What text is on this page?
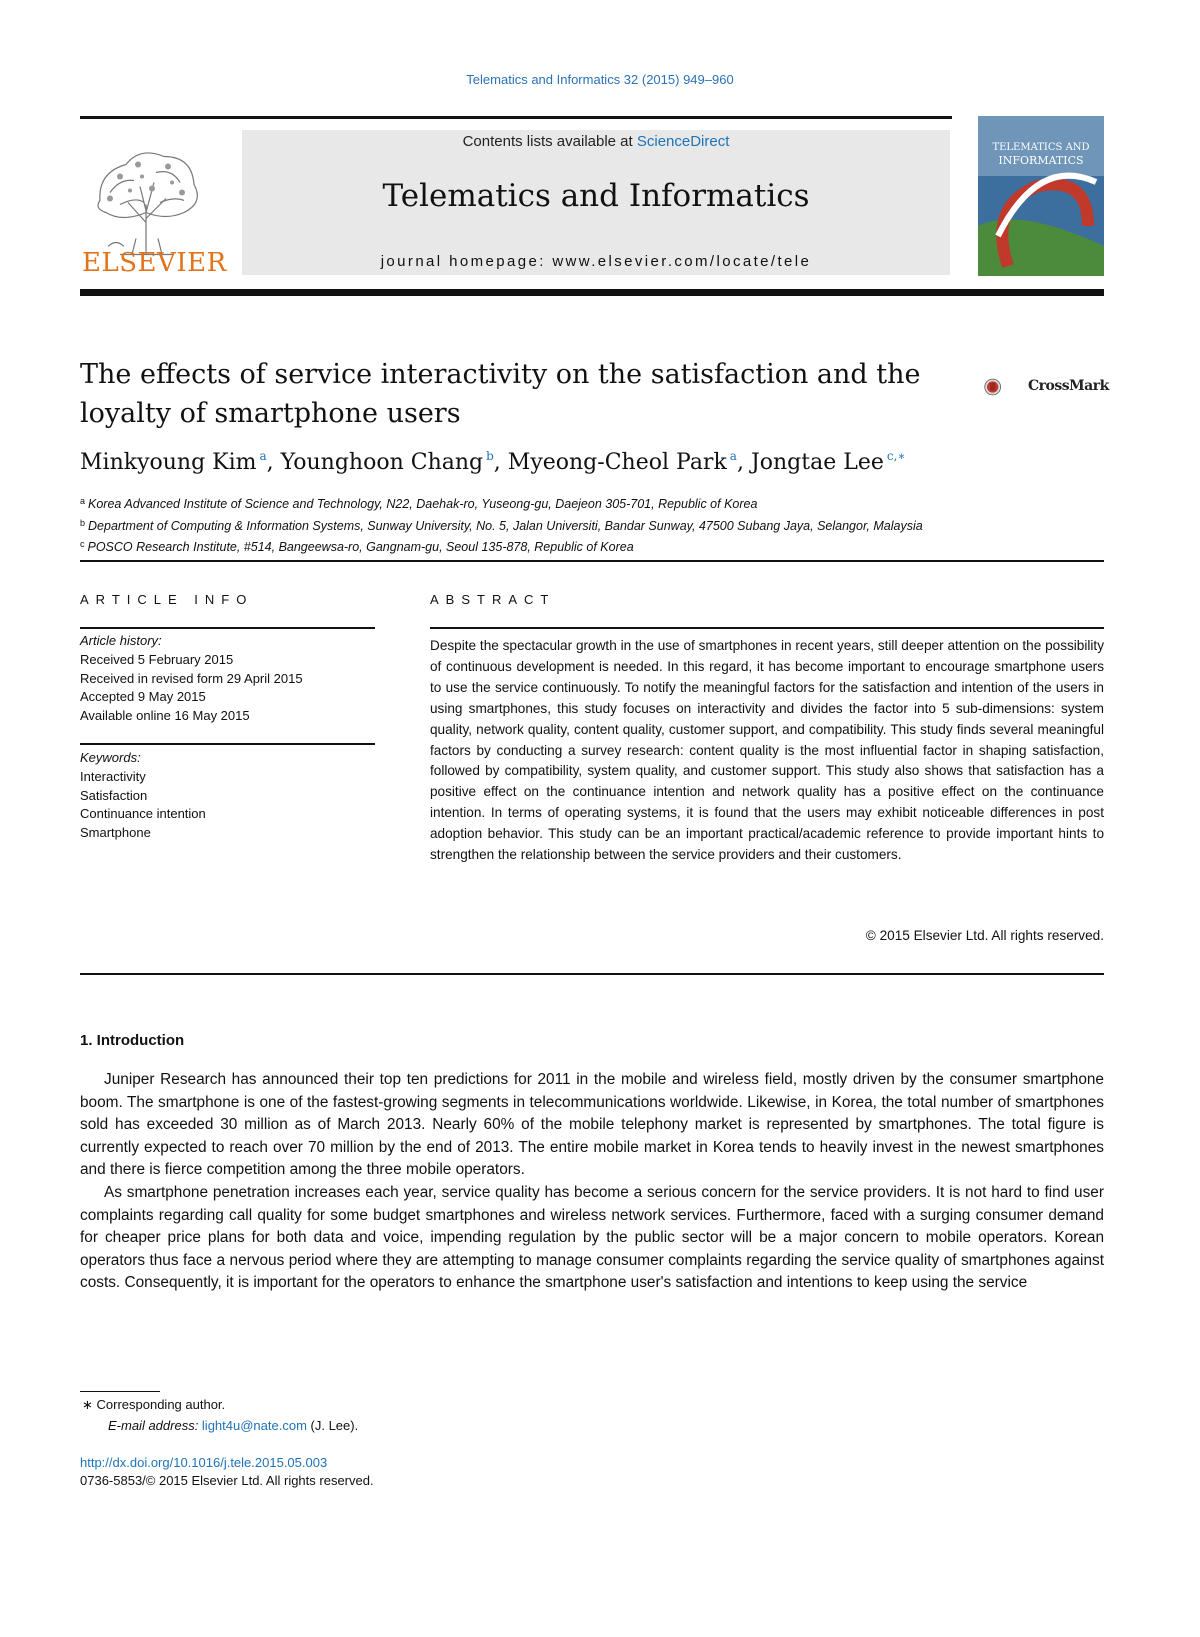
Telematics and Informatics 32 (2015) 949–960
ELSEVIER
Contents lists available at ScienceDirect
Telematics and Informatics
journal homepage: www.elsevier.com/locate/tele
TELEMATICS AND
INFORMATICS
The effects of service interactivity on the satisfaction and the
loyalty of smartphone users
CrossMark
Minkyoung Kim $^a$, Younghoon Chang $^b$, Myeong-Cheol Park $^a$, Jongtae Lee $^{c,∗}$
$^a$ Korea Advanced Institute of Science and Technology, N22, Daehak-ro, Yuseong-gu, Daejeon 305-701, Republic of Korea
$^b$ Department of Computing & Information Systems, Sunway University, No. 5, Jalan Universiti, Bandar Sunway, 47500 Subang Jaya, Selangor, Malaysia
$^c$ POSCO Research Institute, #514, Bangeewsa-ro, Gangnam-gu, Seoul 135-878, Republic of Korea
ARTICLE INFO	ABSTRACT
Article history:
Received 5 February 2015
Received in revised form 29 April 2015
Accepted 9 May 2015
Available online 16 May 2015
Keywords:
Interactivity
Satisfaction
Continuance intention
Smartphone
Despite the spectacular growth in the use of smartphones in recent years, still deeper attention on the possibility of continuous development is needed. In this regard, it has become important to encourage smartphone users to use the service continuously. To notify the meaningful factors for the satisfaction and intention of the users in using smartphones, this study focuses on interactivity and divides the factor into 5 sub-dimensions: system quality, network quality, content quality, customer support, and compatibility. This study finds several meaningful factors by conducting a survey research: content quality is the most influential factor in shaping satisfaction, followed by compatibility, system quality, and customer support. This study also shows that satisfaction has a positive effect on the continuance intention and network quality has a positive effect on the continuance intention. In terms of operating systems, it is found that the users may exhibit noticeable differences in post adoption behavior. This study can be an important practical/academic reference to provide important hints to strengthen the relationship between the service providers and their customers.
© 2015 Elsevier Ltd. All rights reserved.
1. Introduction

Juniper Research has announced their top ten predictions for 2011 in the mobile and wireless field, mostly driven by the consumer smartphone boom. The smartphone is one of the fastest-growing segments in telecommunications worldwide. Likewise, in Korea, the total number of smartphones sold has exceeded 30 million as of March 2013. Nearly 60% of the mobile telephony market is represented by smartphones. The total figure is currently expected to reach over 70 million by the end of 2013. The entire mobile market in Korea tends to heavily invest in the newest smartphones and there is fierce competition among the three mobile operators.

As smartphone penetration increases each year, service quality has become a serious concern for the service providers. It is not hard to find user complaints regarding call quality for some budget smartphones and wireless network services. Furthermore, faced with a surging consumer demand for cheaper price plans for both data and voice, impending regulation by the public sector will be a major concern to mobile operators. Korean operators thus face a nervous period where they are attempting to manage consumer complaints regarding the service quality of smartphones against costs. Consequently, it is important for the operators to enhance the smartphone user's satisfaction and intentions to keep using the service

∗ Corresponding author.
E-mail address: light4u@nate.com (J. Lee).
http://dx.doi.org/10.1016/j.tele.2015.05.003
0736-5853/© 2015 Elsevier Ltd. All rights reserved.
